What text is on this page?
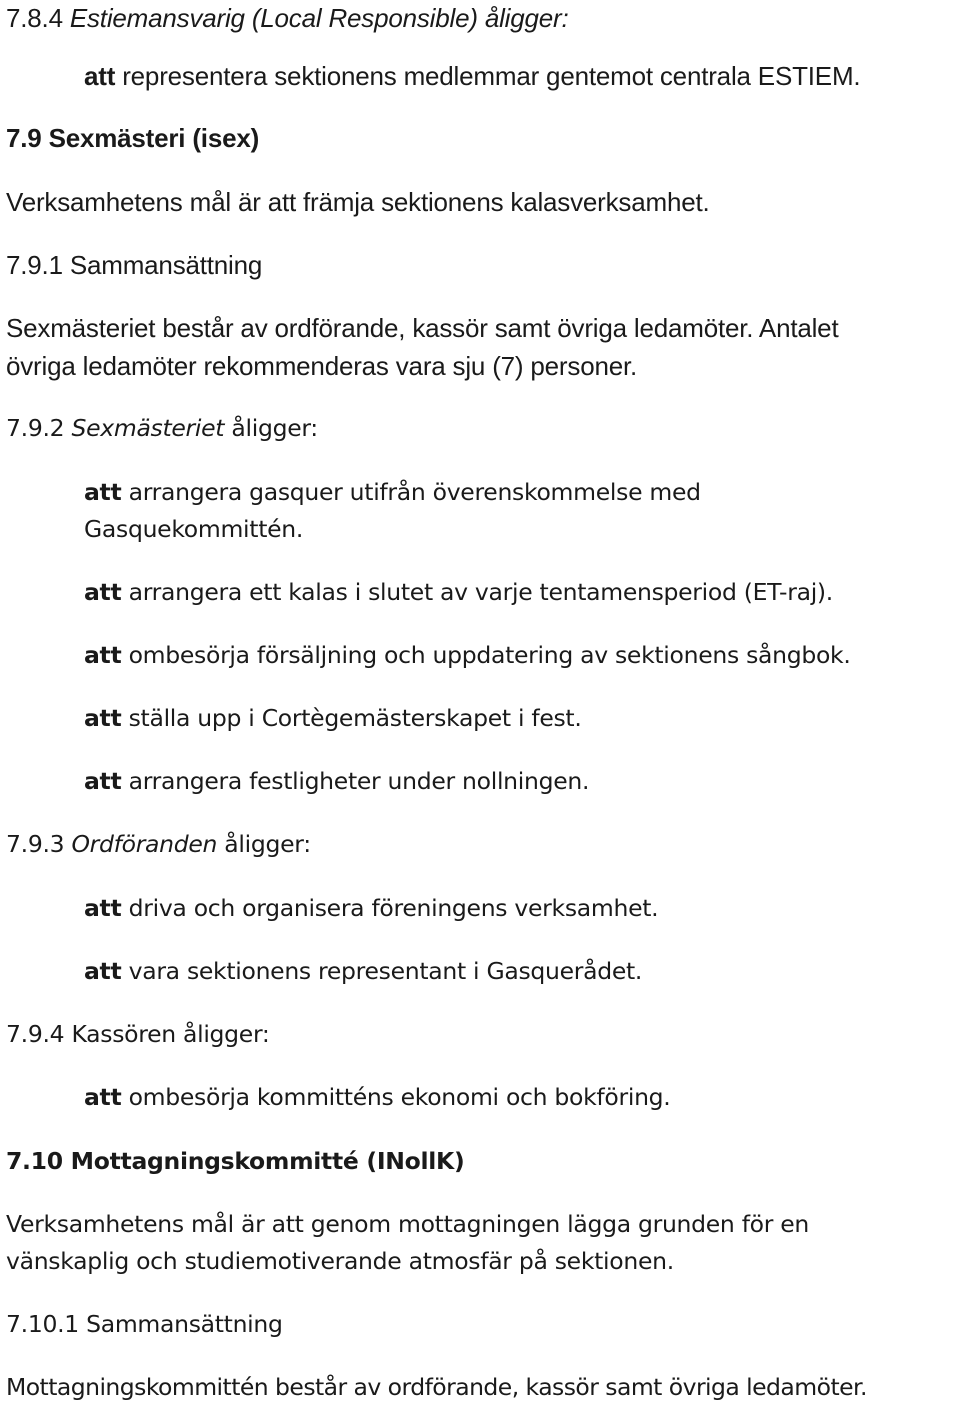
7.8.4 Estiemansvarig (Local Responsible) åligger:
att representera sektionens medlemmar gentemot centrala ESTIEM.
7.9 Sexmästeri (isex)
Verksamhetens mål är att främja sektionens kalasverksamhet.
7.9.1 Sammansättning
Sexmästeriet består av ordförande, kassör samt övriga ledamöter. Antalet
övriga ledamöter rekommenderas vara sju (7) personer.
7.9.2 Sexmästeriet åligger:
att arrangera gasquer utifrån överenskommelse med
Gasquekommittén.
att arrangera ett kalas i slutet av varje tentamensperiod (ET-raj).
att ombesörja försäljning och uppdatering av sektionens sångbok.
att ställa upp i Cortègemästerskapet i fest.
att arrangera festligheter under nollningen.
7.9.3 Ordföranden åligger:
att driva och organisera föreningens verksamhet.
att vara sektionens representant i Gasquerådet.
7.9.4 Kassören åligger:
att ombesörja kommitténs ekonomi och bokföring.
7.10 Mottagningskommitté (INollK)
Verksamhetens mål är att genom mottagningen lägga grunden för en
vänskaplig och studiemotiverande atmosfär på sektionen.
7.10.1 Sammansättning
Mottagningskommittén består av ordförande, kassör samt övriga ledamöter.
